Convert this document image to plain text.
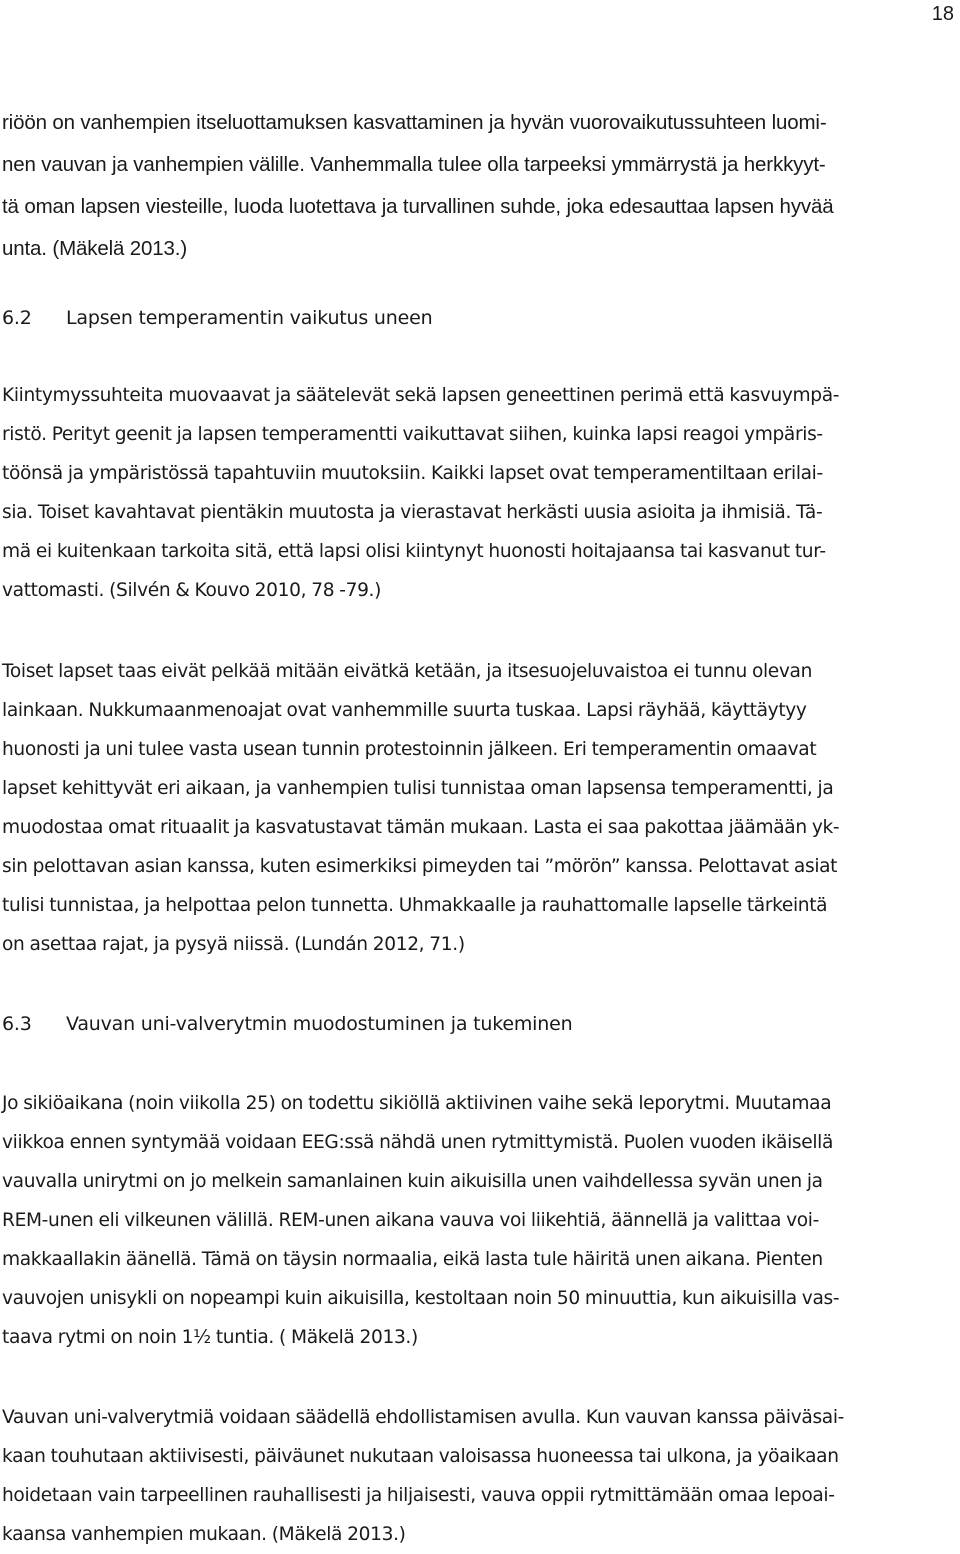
18

riöön on vanhempien itseluottamuksen kasvattaminen ja hyvän vuorovaikutussuhteen luomi-
nen vauvan ja vanhempien välille. Vanhemmalla tulee olla tarpeeksi ymmärrystä ja herkkyyt-
tä oman lapsen viesteille, luoda luotettava ja turvallinen suhde, joka edesauttaa lapsen hyvää
unta. (Mäkelä 2013.)

6.2 Lapsen temperamentin vaikutus uneen

Kiintymyssuhteita muovaavat ja säätelevät sekä lapsen geneettinen perimä että kasvuympä-
ristö. Perityt geenit ja lapsen temperamentti vaikuttavat siihen, kuinka lapsi reagoi ympäris-
töönsä ja ympäristössä tapahtuviin muutoksiin. Kaikki lapset ovat temperamentiltaan erilai-
sia. Toiset kavahtavat pientäkin muutosta ja vierastavat herkästi uusia asioita ja ihmisiä. Tä-
mä ei kuitenkaan tarkoita sitä, että lapsi olisi kiintynyt huonosti hoitajaansa tai kasvanut tur-
vattomasti. (Silvén & Kouvo 2010, 78 -79.)

Toiset lapset taas eivät pelkää mitään eivätkä ketään, ja itsesuojeluvaistoa ei tunnu olevan
lainkaan. Nukkumaanmenoajat ovat vanhemmille suurta tuskaa. Lapsi räyhää, käyttäytyy
huonosti ja uni tulee vasta usean tunnin protestoinnin jälkeen. Eri temperamentin omaavat
lapset kehittyvät eri aikaan, ja vanhempien tulisi tunnistaa oman lapsensa temperamentti, ja
muodostaa omat rituaalit ja kasvatustavat tämän mukaan. Lasta ei saa pakottaa jäämään yk-
sin pelottavan asian kanssa, kuten esimerkiksi pimeyden tai ”mörön” kanssa. Pelottavat asiat
tulisi tunnistaa, ja helpottaa pelon tunnetta. Uhmakkaalle ja rauhattomalle lapselle tärkeintä
on asettaa rajat, ja pysyä niissä. (Lundán 2012, 71.)

6.3 Vauvan uni-valverytmin muodostuminen ja tukeminen

Jo sikiöaikana (noin viikolla 25) on todettu sikiöllä aktiivinen vaihe sekä leporytmi. Muutamaa
viikkoa ennen syntymää voidaan EEG:ssä nähdä unen rytmittymistä. Puolen vuoden ikäisellä
vauvalla unirytmi on jo melkein samanlainen kuin aikuisilla unen vaihdellessa syvän unen ja
REM-unen eli vilkeunen välillä. REM-unen aikana vauva voi liikehtiä, äännellä ja valittaa voi-
makkaallakin äänellä. Tämä on täysin normaalia, eikä lasta tule häiritä unen aikana. Pienten
vauvojen unisykli on nopeampi kuin aikuisilla, kestoltaan noin 50 minuuttia, kun aikuisilla vas-
taava rytmi on noin 1½ tuntia. ( Mäkelä 2013.)

Vauvan uni-valverytmiä voidaan säädellä ehdollistamisen avulla. Kun vauvan kanssa päiväsai-
kaan touhutaan aktiivisesti, päiväunet nukutaan valoisassa huoneessa tai ulkona, ja yöaikaan
hoidetaan vain tarpeellinen rauhallisesti ja hiljaisesti, vauva oppii rytmittämään omaa lepoai-
kaansa vanhempien mukaan. (Mäkelä 2013.)
